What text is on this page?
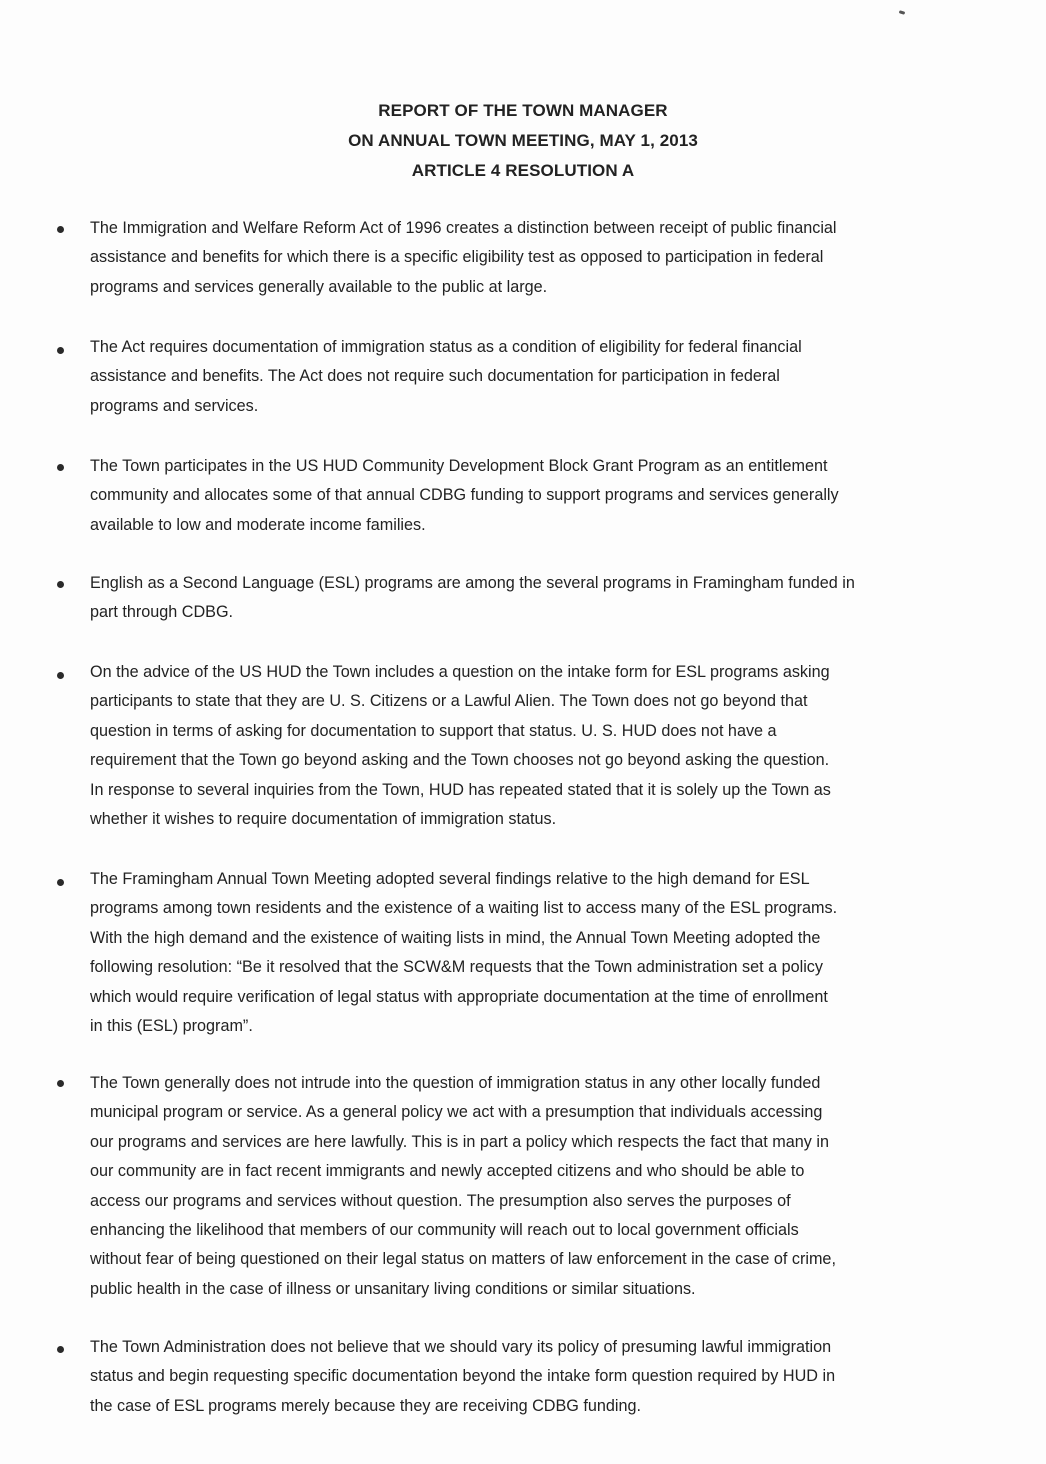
REPORT OF THE TOWN MANAGER
ON ANNUAL TOWN MEETING, MAY 1, 2013
ARTICLE 4 RESOLUTION A
The Immigration and Welfare Reform Act of 1996 creates a distinction between receipt of public financial
assistance and benefits for which there is a specific eligibility test as opposed to participation in federal
programs and services generally available to the public at large.
The Act requires documentation of immigration status as a condition of eligibility for federal financial
assistance and benefits. The Act does not require such documentation for participation in federal
programs and services.
The Town participates in the US HUD Community Development Block Grant Program as an entitlement
community and allocates some of that annual CDBG funding to support programs and services generally
available to low and moderate income families.
English as a Second Language (ESL) programs are among the several programs in Framingham funded in
part through CDBG.
On the advice of the US HUD the Town includes a question on the intake form for ESL programs asking
participants to state that they are U. S. Citizens or a Lawful Alien. The Town does not go beyond that
question in terms of asking for documentation to support that status. U. S. HUD does not have a
requirement that the Town go beyond asking and the Town chooses not go beyond asking the question.
In response to several inquiries from the Town, HUD has repeated stated that it is solely up the Town as
whether it wishes to require documentation of immigration status.
The Framingham Annual Town Meeting adopted several findings relative to the high demand for ESL
programs among town residents and the existence of a waiting list to access many of the ESL programs.
With the high demand and the existence of waiting lists in mind, the Annual Town Meeting adopted the
following resolution: “Be it resolved that the SCW&M requests that the Town administration set a policy
which would require verification of legal status with appropriate documentation at the time of enrollment
in this (ESL) program”.
The Town generally does not intrude into the question of immigration status in any other locally funded
municipal program or service. As a general policy we act with a presumption that individuals accessing
our programs and services are here lawfully. This is in part a policy which respects the fact that many in
our community are in fact recent immigrants and newly accepted citizens and who should be able to
access our programs and services without question. The presumption also serves the purposes of
enhancing the likelihood that members of our community will reach out to local government officials
without fear of being questioned on their legal status on matters of law enforcement in the case of crime,
public health in the case of illness or unsanitary living conditions or similar situations.
The Town Administration does not believe that we should vary its policy of presuming lawful immigration
status and begin requesting specific documentation beyond the intake form question required by HUD in
the case of ESL programs merely because they are receiving CDBG funding.
